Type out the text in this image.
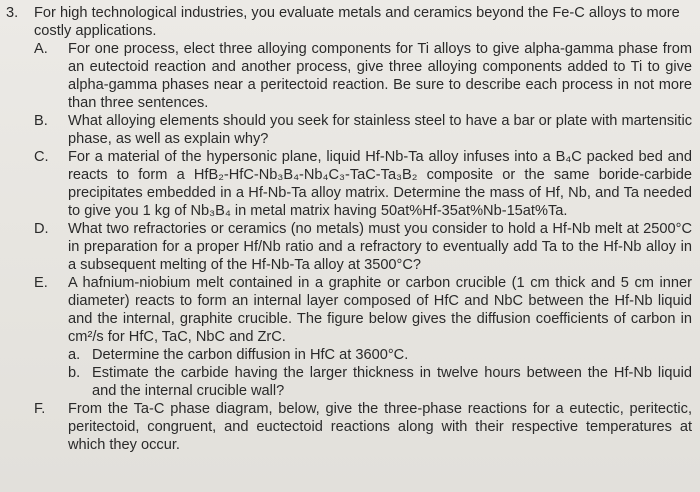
3.	For high technological industries, you evaluate metals and ceramics beyond the Fe-C alloys to more costly applications.
A.	For one process, elect three alloying components for Ti alloys to give alpha-gamma phase from an eutectoid reaction and another process, give three alloying components added to Ti to give alpha-gamma phases near a peritectoid reaction. Be sure to describe each process in not more than three sentences.
B.	What alloying elements should you seek for stainless steel to have a bar or plate with martensitic phase, as well as explain why?
C.	For a material of the hypersonic plane, liquid Hf-Nb-Ta alloy infuses into a B₄C packed bed and reacts to form a HfB₂-HfC-Nb₃B₄-Nb₄C₃-TaC-Ta₃B₂ composite or the same boride-carbide precipitates embedded in a Hf-Nb-Ta alloy matrix. Determine the mass of Hf, Nb, and Ta needed to give you 1 kg of Nb₃B₄ in metal matrix having 50at%Hf-35at%Nb-15at%Ta.
D.	What two refractories or ceramics (no metals) must you consider to hold a Hf-Nb melt at 2500°C in preparation for a proper Hf/Nb ratio and a refractory to eventually add Ta to the Hf-Nb alloy in a subsequent melting of the Hf-Nb-Ta alloy at 3500°C?
E.	A hafnium-niobium melt contained in a graphite or carbon crucible (1 cm thick and 5 cm inner diameter) reacts to form an internal layer composed of HfC and NbC between the Hf-Nb liquid and the internal, graphite crucible. The figure below gives the diffusion coefficients of carbon in cm²/s for HfC, TaC, NbC and ZrC.
a. Determine the carbon diffusion in HfC at 3600°C.
b. Estimate the carbide having the larger thickness in twelve hours between the Hf-Nb liquid and the internal crucible wall?
F.	From the Ta-C phase diagram, below, give the three-phase reactions for a eutectic, peritectic, peritectoid, congruent, and euctectoid reactions along with their respective temperatures at which they occur.
